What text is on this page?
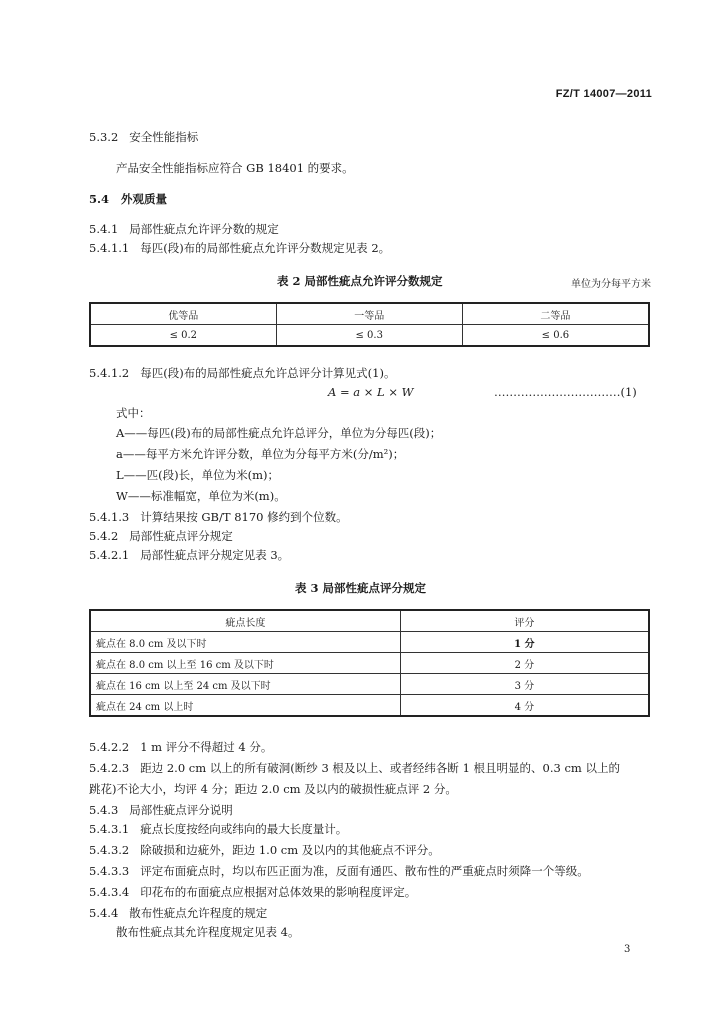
FZ/T 14007—2011
5.3.2 安全性能指标
产品安全性能指标应符合 GB 18401 的要求。
5.4 外观质量
5.4.1 局部性疵点允许评分数的规定
5.4.1.1 每匹(段)布的局部性疵点允许评分数规定见表 2。
表 2 局部性疵点允许评分数规定	单位为分每平方米
优等品	一等品	二等品
≤ 0.2	≤ 0.3	≤ 0.6
5.4.1.2 每匹(段)布的局部性疵点允许总评分计算见式(1)。
A = a × L × W	……………………………(1)
式中：
A——每匹(段)布的局部性疵点允许总评分，单位为分每匹(段)；
a——每平方米允许评分数，单位为分每平方米(分/m²)；
L——匹(段)长，单位为米(m)；
W——标准幅宽，单位为米(m)。
5.4.1.3 计算结果按 GB/T 8170 修约到个位数。
5.4.2 局部性疵点评分规定
5.4.2.1 局部性疵点评分规定见表 3。
表 3 局部性疵点评分规定
疵点长度	评分
疵点在 8.0 cm 及以下时	1 分
疵点在 8.0 cm 以上至 16 cm 及以下时	2 分
疵点在 16 cm 以上至 24 cm 及以下时	3 分
疵点在 24 cm 以上时	4 分
5.4.2.2 1 m 评分不得超过 4 分。
5.4.2.3 距边 2.0 cm 以上的所有破洞(断纱 3 根及以上、或者经纬各断 1 根且明显的、0.3 cm 以上的
跳花)不论大小，均评 4 分；距边 2.0 cm 及以内的破损性疵点评 2 分。
5.4.3 局部性疵点评分说明
5.4.3.1 疵点长度按经向或纬向的最大长度量计。
5.4.3.2 除破损和边疵外，距边 1.0 cm 及以内的其他疵点不评分。
5.4.3.3 评定布面疵点时，均以布匹正面为准，反面有通匹、散布性的严重疵点时须降一个等级。
5.4.3.4 印花布的布面疵点应根据对总体效果的影响程度评定。
5.4.4 散布性疵点允许程度的规定
散布性疵点其允许程度规定见表 4。
3
